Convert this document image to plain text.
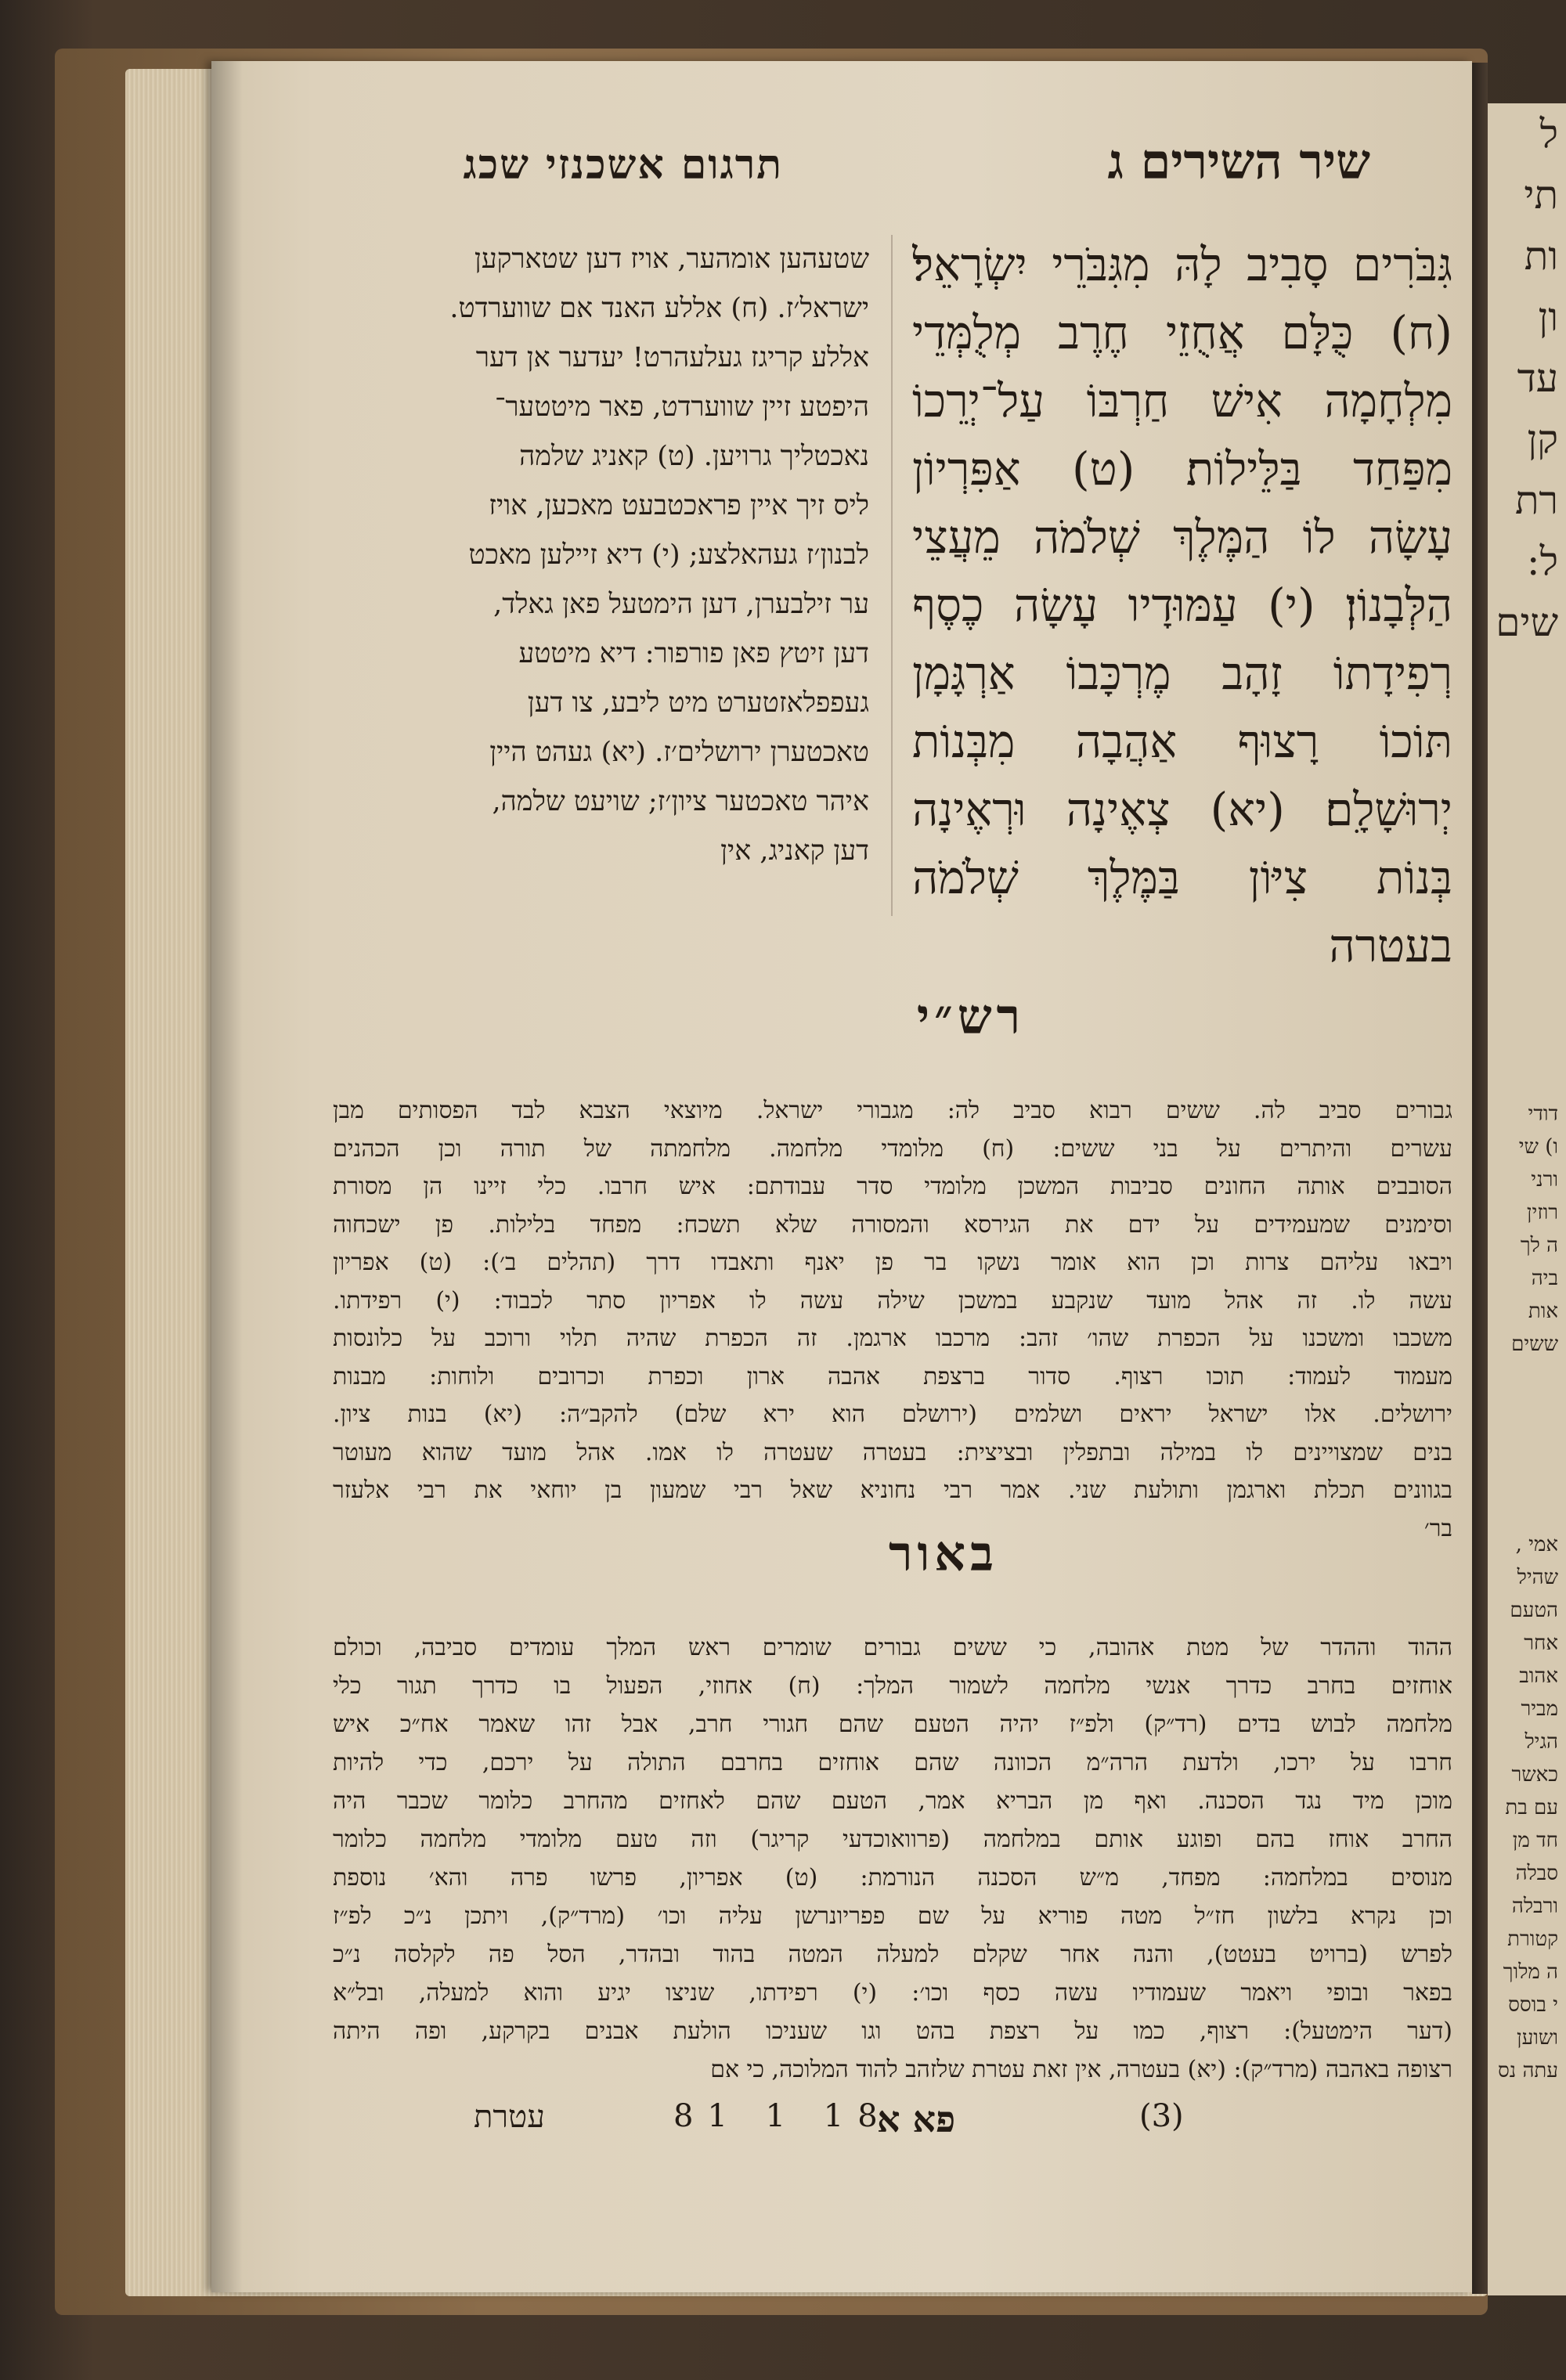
ל
תי
ות
ון
עד
קן
רת
ל:
שים
דודי
ו) שי
ורני
רוזין
ה לך
ביה
אות
ששים
אמי ,
שהיל
הטעם
אחר
אהוב
מביר
הגיל
כאשר
עם בת
חד מן
סבלה
ורבלה
קטורת
ה מלוך
י בוסס
ושוען
עתה נס
תרגום אשכנזי שכג	שיר השירים ג
שטעהען אומהער, אויז דען שטארקען
ישראל׳ז. (ח) אללע האנד אם שווערדט.
אללע קריגז געלעהרט! יעדער אן דער
היפטע זיין שווערדט, פאר מיטטער־
נאכטליך גרויען. (ט) קאניג שלמה
ליס זיך איין פראכטבעט מאכען, אויז
לבנון׳ז געהאלצע; (י) דיא זיילען מאכט
ער זילבערן, דען הימטעל פאן גאלד,
דען זיטץ פאן פורפור: דיא מיטטע
געפפלאזטערט מיט ליבע, צו דען
טאכטערן ירושלים׳ז. (יא) געהט היין
איהר טאכטער ציון׳ז; שויעט שלמה,
דען קאניג, אין
גִּבֹּרִים סָבִיב לָהּ מִגִּבֹּרֵי יִשְׂרָאֵל׃
(ח) כֻּלָּם אֲחֻזֵי חֶרֶב מְלֻמְּדֵי
מִלְחָמָה אִישׁ חַרְבּוֹ עַל־יְרֵכוֹ
מִפַּחַד בַּלֵּילוֹת׃ (ט) אַפִּרְיוֹן
עָשָׂה לוֹ הַמֶּלֶךְ שְׁלֹמֹה מֵעֲצֵי
הַלְּבָנוֹן׃ (י) עַמּוּדָיו עָשָׂה כֶסֶף
רְפִידָתוֹ זָהָב מֶרְכָּבוֹ אַרְגָּמָן
תּוֹכוֹ רָצוּף אַהֲבָה מִבְּנוֹת
יְרוּשָׁלָ͏ִם׃ (יא) צְאֶינָה וּרְאֶינָה
בְּנוֹת צִיּוֹן בַּמֶּלֶךְ שְׁלֹמֹה
בעטרה
רש״י
גבורים סביב לה. ששים רבוא סביב לה: מגבורי ישראל. מיוצאי הצבא לבד הפסותים מבן
עשרים והיתרים על בני ששים: (ח) מלומדי מלחמה. מלחמתה של תורה וכן הכהנים
הסובבים אותה החונים סביבות המשכן מלומדי סדר עבודתם: איש חרבו. כלי זיינו הן מסורת
וסימנים שמעמידים על ידם את הגירסא והמסורה שלא תשכח: מפחד בלילות. פן ישכחוה
ויבאו עליהם צרות וכן הוא אומר נשקו בר פן יאנף ותאבדו דרך (תהלים ב׳): (ט) אפריון
עשה לו. זה אהל מועד שנקבע במשכן שילה עשה לו אפריון סתר לכבוד: (י) רפידתו.
משכבו ומשכנו על הכפרת שהו׳ זהב: מרכבו ארגמן. זה הכפרת שהיה תלוי ורוכב על כלונסות
מעמוד לעמוד: תוכו רצוף. סדור ברצפת אהבה ארון וכפרת וכרובים ולוחות: מבנות
ירושלים. אלו ישראל יראים ושלמים (ירושלם הוא ירא שלם) להקב״ה: (יא) בנות ציון.
בנים שמצויינים לו במילה ובתפלין ובציצית: בעטרה שעטרה לו אמו. אהל מועד שהוא מעוטר
בגוונים תכלת וארגמן ותולעת שני. אמר רבי נחוניא שאל רבי שמעון בן יוחאי את רבי אלעזר
בר׳
באור
ההוד וההדר של מטת אהובה, כי ששים גבורים שומרים ראש המלך עומדים סביבה, וכולם
אוחזים בחרב כדרך אנשי מלחמה לשמור המלך: (ח) אחוזי, הפעול בו כדרך תגור כלי
מלחמה לבוש בדים (רד״ק) ולפ״ז יהיה הטעם שהם חגורי חרב, אבל זהו שאמר אח״כ איש
חרבו על ירכו, ולדעת הרה״מ הכוונה שהם אוחזים בחרבם התולה על ירכם, כדי להיות
מוכן מיד נגד הסכנה. ואף מן הבריא אמר, הטעם שהם לאחזים מהחרב כלומר שכבר היה
החרב אוחז בהם ופוגע אותם במלחמה (פרוואוכדעי קריגר) וזה טעם מלומדי מלחמה כלומר
מנוסים במלחמה: מפחד, מ״ש הסכנה הנורמת: (ט) אפריון, פרשו פרה והא׳ נוספת
וכן נקרא בלשון חז״ל מטה פוריא על שם פפריונרשן עליה וכו׳ (מרד״ק), ויתכן נ״כ לפ״ז
לפרש (ברויט בעטט), והנה אחר שקלם למעלה המטה בהוד ובהדר, הסל פה לקלסה נ״כ
בפאר ובופי ויאמר שעמודיו עשה כסף וכו׳: (י) רפידתו, שניצו יגיע והוא למעלה, ובל״א
(דער הימטעל): רצוף, כמו על רצפת בהט וגו שעניכו הולעת אבנים בקרקע, ופה היתה
רצופה באהבה (מרד״ק): (יא) בעטרה, אין זאת עטרת שלזהב להוד המלוכה, כי אם
עטרת	81 1 18
פא א	(3)
